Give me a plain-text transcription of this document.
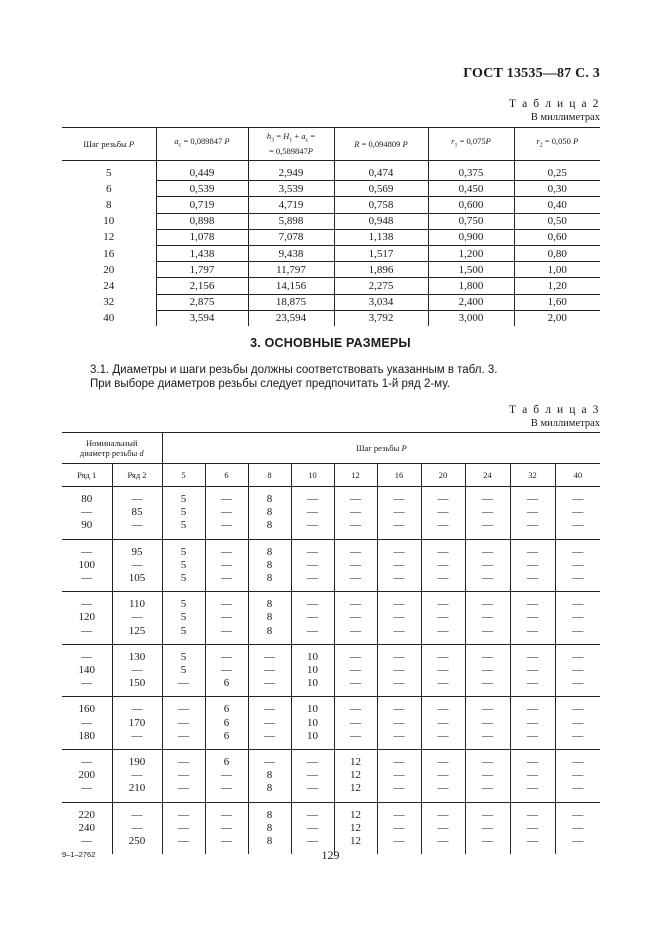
ГОСТ 13535—87 С. 3
Т а б л и ц а 2
В миллиметрах
Шаг резьбы P	$a_c = 0,089847$ P	$h_3 = H_1 + a_c$ =
= 0,589847P	R = 0,094809 P	$r_1 = 0,075P$	$r_2 = 0,050$ P

5	0,449	2,949	0,474	0,375	0,25
6	0,539	3,539	0,569	0,450	0,30
8	0,719	4,719	0,758	0,600	0,40
10	0,898	5,898	0,948	0,750	0,50
12	1,078	7,078	1,138	0,900	0,60
16	1,438	9,438	1,517	1,200	0,80
20	1,797	11,797	1,896	1,500	1,00
24	2,156	14,156	2,275	1,800	1,20
32	2,875	18,875	3,034	2,400	1,60
40	3,594	23,594	3,792	3,000	2,00
3. ОСНОВНЫЕ РАЗМЕРЫ
3.1. Диаметры и шаги резьбы должны соответствовать указанным в табл. 3.
При выборе диаметров резьбы следует предпочитать 1-й ряд 2-му.
Т а б л и ц а 3
В миллиметрах
Номинальный
диаметр резьбы d		Шаг резьбы P									
Ряд 1	Ряд 2	5	6	8	10	12	16	20	24	32	40

80	—	5	—	8	—	—	—	—	—	—	—
—	85	5	—	8	—	—	—	—	—	—	—
90	—	5	—	8	—	—	—	—	—	—	—

—	95	5	—	8	—	—	—	—	—	—	—
100	—	5	—	8	—	—	—	—	—	—	—
—	105	5	—	8	—	—	—	—	—	—	—

—	110	5	—	8	—	—	—	—	—	—	—
120	—	5	—	8	—	—	—	—	—	—	—
—	125	5	—	8	—	—	—	—	—	—	—

—	130	5	—	—	10	—	—	—	—	—	—
140	—	5	—	—	10	—	—	—	—	—	—
—	150	—	6	—	10	—	—	—	—	—	—

160	—	—	6	—	10	—	—	—	—	—	—
—	170	—	6	—	10	—	—	—	—	—	—
180	—	—	6	—	10	—	—	—	—	—	—

—	190	—	6	—	—	12	—	—	—	—	—
200	—	—	—	8	—	12	—	—	—	—	—
—	210	—	—	8	—	12	—	—	—	—	—

220	—	—	—	8	—	12	—	—	—	—	—
240	—	—	—	8	—	12	—	—	—	—	—
—	250	—	—	8	—	12	—	—	—	—	—

9–1–2762	129
